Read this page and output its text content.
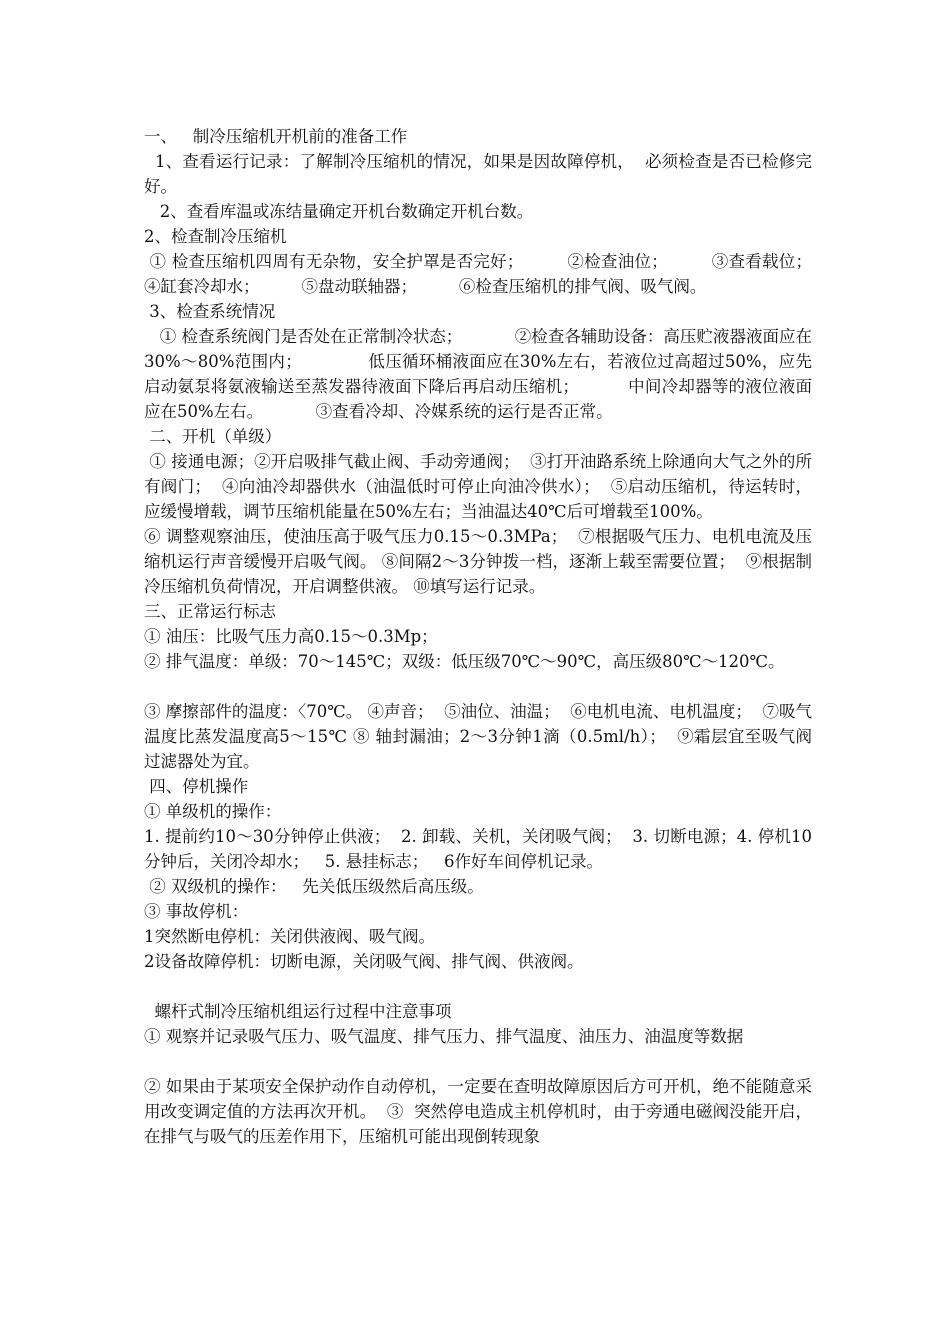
一、   制冷压缩机开机前的准备工作

1、查看运行记录：了解制冷压缩机的情况，如果是因故障停机，  必须检查是否已检修完好。

2、查看库温或冻结量确定开机台数确定开机台数。

2、检查制冷压缩机

① 检查压缩机四周有无杂物，安全护罩是否完好；        ②检查油位；        ③查看载位；        ④缸套冷却水；        ⑤盘动联轴器；        ⑥检查压缩机的排气阀、吸气阀。

3、检查系统情况

① 检查系统阀门是否处在正常制冷状态；          ②检查各辅助设备：高压贮液器液面应在30%～80%范围内；            低压循环桶液面应在30%左右，若液位过高超过50%，应先启动氨泵将氨液输送至蒸发器待液面下降后再启动压缩机；         中间冷却器等的液位液面应在50%左右。          ③查看冷却、冷媒系统的运行是否正常。

二、开机（单级）

① 接通电源；②开启吸排气截止阀、手动旁通阀；  ③打开油路系统上除通向大气之外的所有阀门；  ④向油冷却器供水（油温低时可停止向油冷供水）；  ⑤启动压缩机，待运转时，应缓慢增载，调节压缩机能量在50%左右；当油温达40℃后可增载至100%。

⑥ 调整观察油压，使油压高于吸气压力0.15～0.3MPa；  ⑦根据吸气压力、电机电流及压缩机运行声音缓慢开启吸气阀。 ⑧间隔2～3分钟拨一档，逐渐上载至需要位置；  ⑨根据制冷压缩机负荷情况，开启调整供液。 ⑩填写运行记录。

三、正常运行标志

① 油压：比吸气压力高0.15～0.3Mp；

② 排气温度：单级：70～145℃；双级：低压级70℃～90℃，高压级80℃～120℃。

③ 摩擦部件的温度：〈70℃。 ④声音；  ⑤油位、油温；  ⑥电机电流、电机温度；  ⑦吸气温度比蒸发温度高5～15℃ ⑧ 轴封漏油；2～3分钟1滴（0.5ml/h）；  ⑨霜层宜至吸气阀过滤器处为宜。

四、停机操作

① 单级机的操作：

1. 提前约10～30分钟停止供液；  2. 卸载、关机，关闭吸气阀；  3. 切断电源；4. 停机10分钟后，关闭冷却水；   5. 悬挂标志；   6作好车间停机记录。

② 双级机的操作：   先关低压级然后高压级。

③ 事故停机：

1突然断电停机：关闭供液阀、吸气阀。

2设备故障停机：切断电源，关闭吸气阀、排气阀、供液阀。

螺杆式制冷压缩机组运行过程中注意事项

① 观察并记录吸气压力、吸气温度、排气压力、排气温度、油压力、油温度等数据

② 如果由于某项安全保护动作自动停机，一定要在查明故障原因后方可开机，绝不能随意采用改变调定值的方法再次开机。  ③  突然停电造成主机停机时，由于旁通电磁阀没能开启，在排气与吸气的压差作用下，压缩机可能出现倒转现象
